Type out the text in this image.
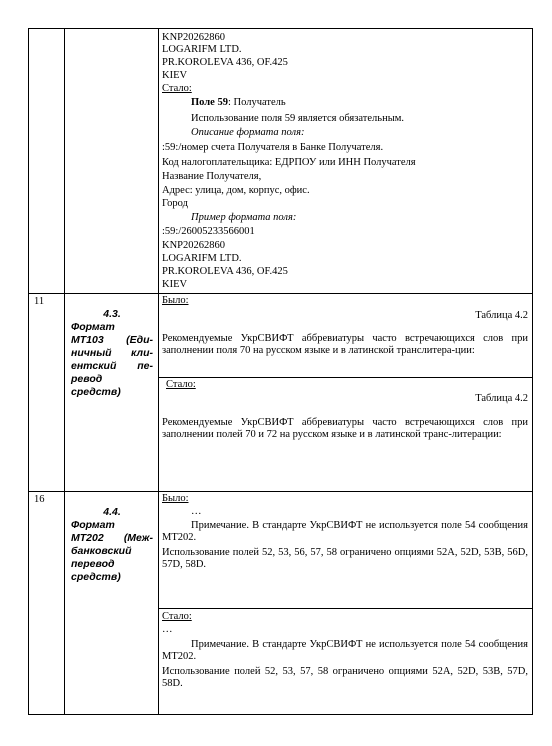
KNP20262860
LOGARIFM LTD.
PR.KOROLEVA 436, OF.425
KIEV
Стало:
Поле 59: Получатель
Использование поля 59 является обязательным.
Описание формата поля:
:59:/номер счета Получателя в Банке Получателя.
Код налогоплательщика: ЕДРПОУ или ИНН Получателя
Название Получателя,
Адрес: улица, дом, корпус, офис.
Город
Пример формата поля:
:59:/26005233566001
KNP20262860
LOGARIFM LTD.
PR.KOROLEVA 436, OF.425
KIEV
11
4.3.
Формат
MT103 (Еди-
ничный кли-
ентский пе-
ревод
средств)
Было:
Таблица 4.2
Рекомендуемые УкрСВИФТ аббревиатуры часто встречающихся слов при заполнении поля 70 на русском языке и в латинской транслитера-ции:
Стало:
Таблица 4.2
Рекомендуемые УкрСВИФТ аббревиатуры часто встречающихся слов при заполнении полей 70 и 72 на русском языке и в латинской транс-литерации:
16
4.4.
Формат
MT202 (Меж-
банковский
перевод
средств)
Было:
…
Примечание. В стандарте УкрСВИФТ не используется поле 54 сообщения МТ202.
Использование полей 52, 53, 56, 57, 58 ограничено опциями 52А, 52D, 53В, 56D, 57D, 58D.
Стало:
…
Примечание. В стандарте УкрСВИФТ не используется поле 54 сообщения МТ202.
Использование полей 52, 53, 57, 58 ограничено опциями 52А, 52D, 53В, 57D, 58D.
